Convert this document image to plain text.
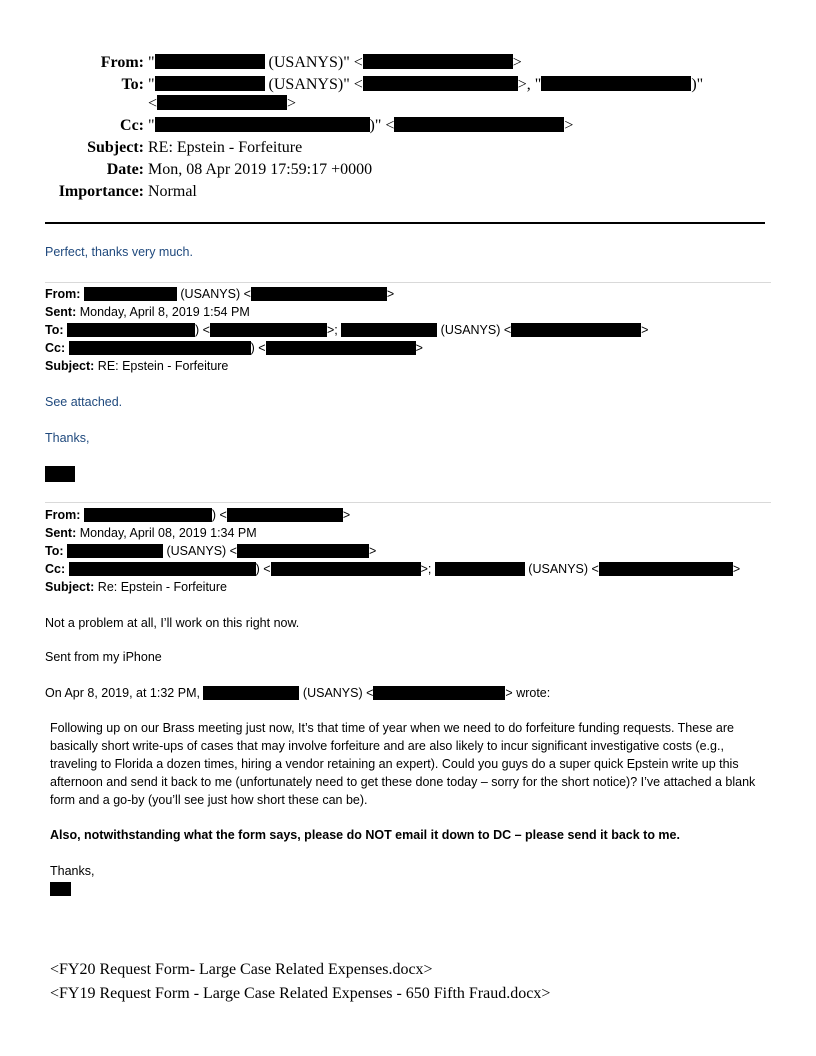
From: "	(USANYS)" <	>
To: "	(USANYS)" <	>, "	)"
<	>
Cc: "	)" <	>
Subject: RE: Epstein - Forfeiture
Date: Mon, 08 Apr 2019 17:59:17 +0000
Importance: Normal
Perfect, thanks very much.
From:	(USANYS) <	>
Sent: Monday, April 8, 2019 1:54 PM
To:	) <	>;	(USANYS) <	>
Cc:	) <	>
Subject: RE: Epstein - Forfeiture
See attached.
Thanks,
From:	) <	>
Sent: Monday, April 08, 2019 1:34 PM
To:	(USANYS) <	>
Cc:	) <	>;	(USANYS) <	>
Subject: Re: Epstein - Forfeiture
Not a problem at all, I’ll work on this right now.
Sent from my iPhone
On Apr 8, 2019, at 1:32 PM,	(USANYS) <	> wrote:
Following up on our Brass meeting just now, It’s that time of year when we need to do forfeiture funding requests. These are basically short write-ups of cases that may involve forfeiture and are also likely to incur significant investigative costs (e.g., traveling to Florida a dozen times, hiring a vendor retaining an expert). Could you guys do a super quick Epstein write up this afternoon and send it back to me (unfortunately need to get these done today – sorry for the short notice)? I’ve attached a blank form and a go-by (you’ll see just how short these can be).
Also, notwithstanding what the form says, please do NOT email it down to DC – please send it back to me.
Thanks,
<FY20 Request Form- Large Case Related Expenses.docx>
<FY19 Request Form - Large Case Related Expenses - 650 Fifth Fraud.docx>
